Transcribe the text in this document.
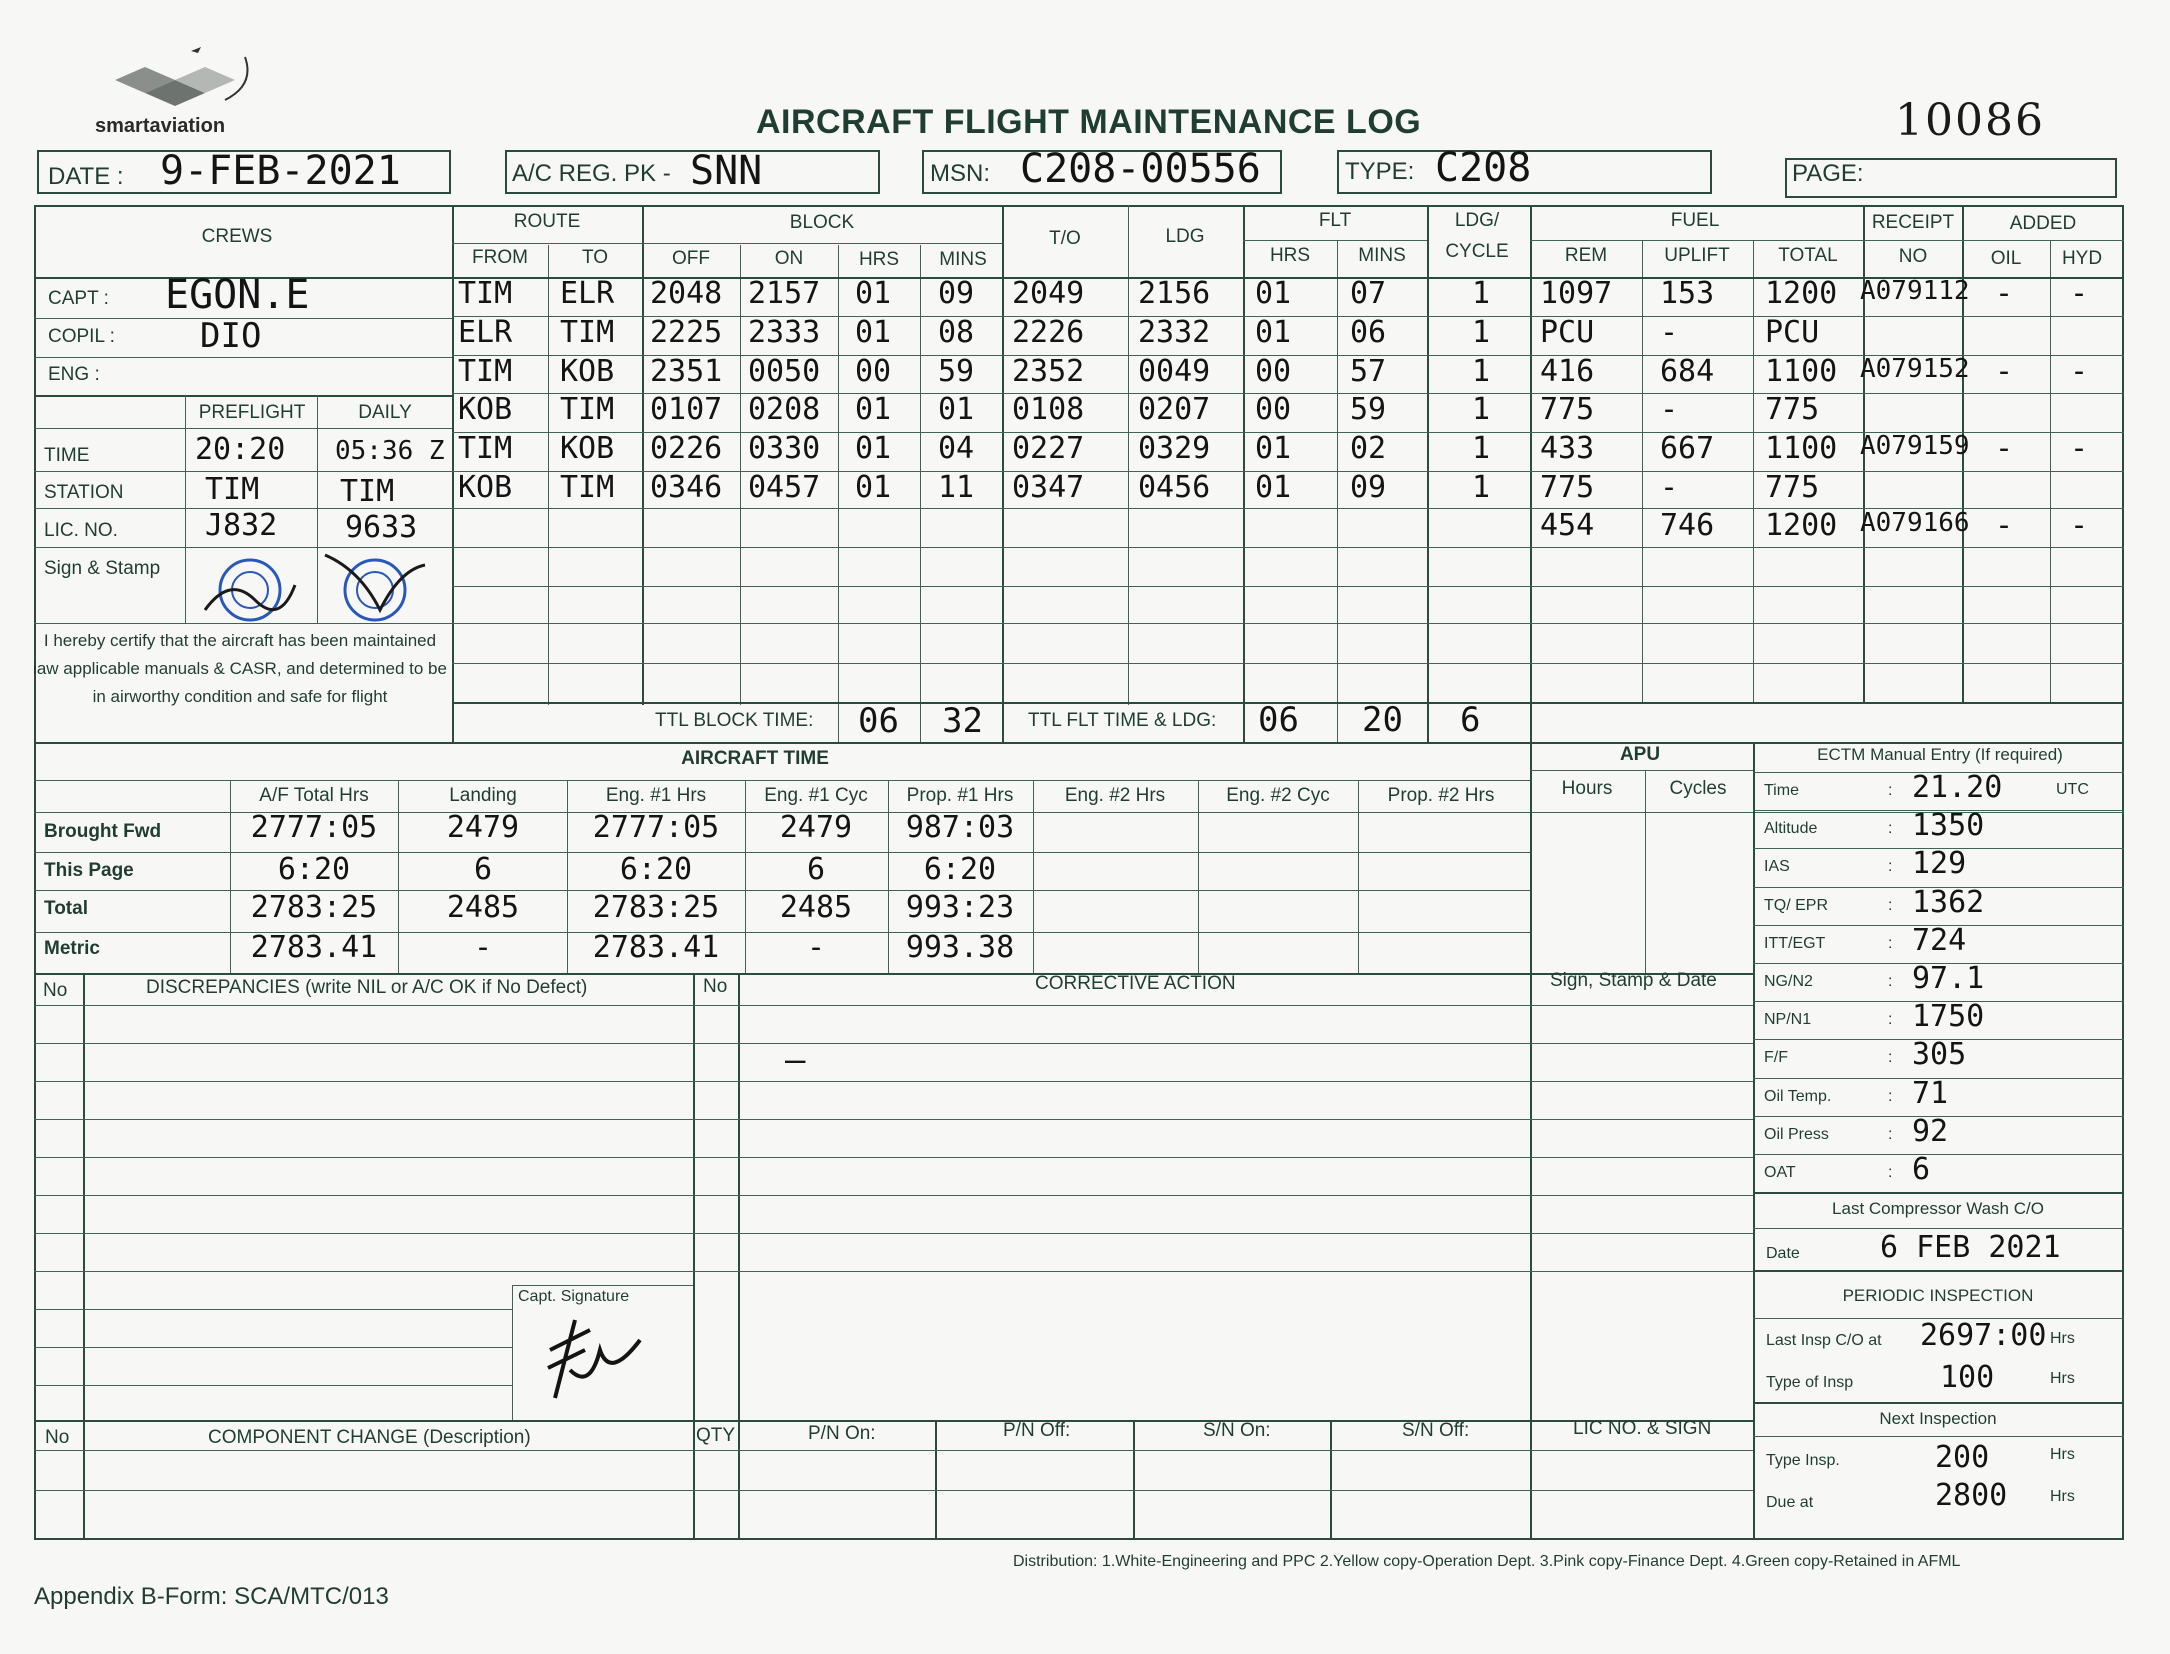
smartaviation	AIRCRAFT FLIGHT MAINTENANCE LOG	10086
DATE : 9-FEB-2021	A/C REG. PK - SNN	MSN: C208-00556	TYPE: C208	PAGE:
CREWS
CAPT : EGON.E
COPIL :	DIO
ENG :
PREFLIGHT	DAILY
TIME	20:20 05:36 Z
STATION	TIM	TIM
LIC. NO.	J832 9633
Sign & Stamp
I hereby certify that the aircraft has been maintained iaw applicable manuals & CASR, and determined to be in airworthy condition and safe for flight
ROUTE
FROM	TO
BLOCK
OFF	ON	HRS MINS
T/O	LDG
FLT
HRS	MINS
LDG/
CYCLE
FUEL
REM	UPLIFT	TOTAL
RECEIPT
NO
ADDED
OIL HYD
TIM ELR 2048 2157 01 09 2049 2156 01 07	1 1097 153 1200 A079112 - -
ELR TIM 2225 2333 01 08 2226 2332 01 06	1 PCU -	PCU
TIM KOB 2351 0050 00 59 2352 0049 00 57	1 416 684 1100 A079152 - -
KOB TIM 0107 0208 01 01 0108 0207 00 59	1 775 -	775
TIM KOB 0226 0330 01 04 0227 0329 01 02	1 433 667 1100 A079159 - -
KOB TIM 0346 0457 01 11 0347 0456 01 09	1 775 -	775
454 746 1200 A079166 - -
TTL BLOCK TIME: 06 32 TTL FLT TIME & LDG: 06 20 6
AIRCRAFT TIME
A/F Total Hrs	Landing	Eng. #1 Hrs	Eng. #1 Cyc Prop. #1 Hrs	Eng. #2 Hrs	Eng. #2 Cyc	Prop. #2 Hrs
Brought Fwd	2777:05 2479 2777:05 2479 987:03
This Page	6:20	6	6:20	6	6:20
Total	2783:25 2485 2783:25 2485 993:23
Metric	2783.41	-	2783.41	-	993.38
APU
Hours	Cycles
ECTM Manual Entry (If required)
Time	: 21.20
Altitude	: 1350
IAS	: 129
TQ/ EPR	: 1362
ITT/EGT	: 724
NG/N2	: 97.1
NP/N1	: 1750
F/F	: 305
Oil Temp.	: 71
Oil Press	: 92
OAT	: 6
UTC
Last Compressor Wash C/O
Date	6 FEB 2021
PERIODIC INSPECTION
Last Insp C/O at 2697:00 Hrs
Type of Insp	100	Hrs
Next Inspection
Type Insp.	200	Hrs
Due at	2800	Hrs
No	DISCREPANCIES (write NIL or A/C OK if No Defect)	No	CORRECTIVE ACTION	Sign, Stamp & Date
—
Capt. Signature
No	COMPONENT CHANGE (Description)	QTY	P/N On:	P/N Off:	S/N On:	S/N Off:	LIC NO. & SIGN
Distribution: 1.White-Engineering and PPC 2.Yellow copy-Operation Dept. 3.Pink copy-Finance Dept. 4.Green copy-Retained in AFML
Appendix B-Form: SCA/MTC/013
